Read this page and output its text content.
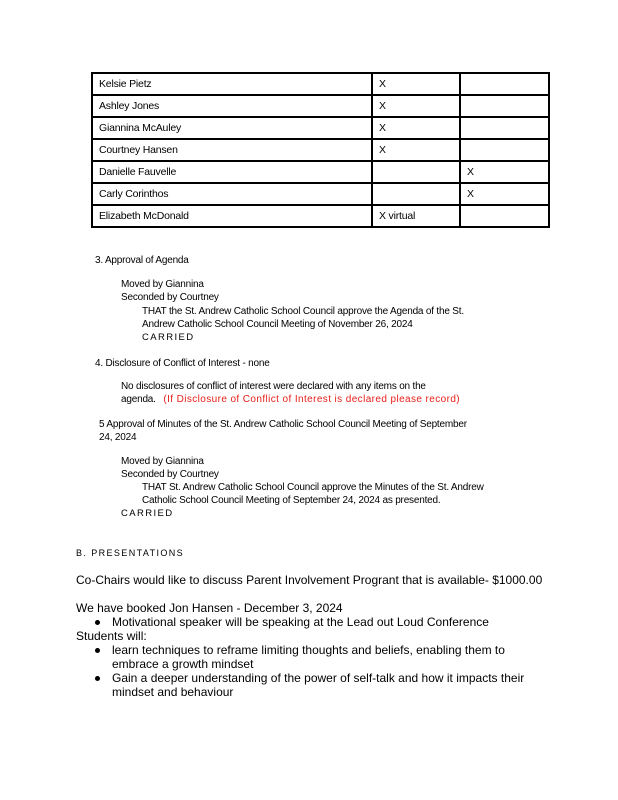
Kelsie Pietz	X	
Ashley Jones	X	
Giannina McAuley	X	
Courtney Hansen	X	
Danielle Fauvelle		X
Carly Corinthos		X
Elizabeth McDonald	X virtual	
3. Approval of Agenda
Moved by Giannina
Seconded by Courtney
THAT the St. Andrew Catholic School Council approve the Agenda of the St.
Andrew Catholic School Council Meeting of November 26, 2024
CARRIED
4. Disclosure of Conflict of Interest - none
No disclosures of conflict of interest were declared with any items on the
agenda. (If Disclosure of Conflict of Interest is declared please record)
5 Approval of Minutes of the St. Andrew Catholic School Council Meeting of September
24, 2024
Moved by Giannina
Seconded by Courtney
THAT St. Andrew Catholic School Council approve the Minutes of the St. Andrew
Catholic School Council Meeting of September 24, 2024 as presented.
CARRIED
B. PRESENTATIONS
Co-Chairs would like to discuss Parent Involvement Progrant that is available- $1000.00
We have booked Jon Hansen - December 3, 2024
Motivational speaker will be speaking at the Lead out Loud Conference
Students will:
learn techniques to reframe limiting thoughts and beliefs, enabling them to
embrace a growth mindset
Gain a deeper understanding of the power of self-talk and how it impacts their
mindset and behaviour
